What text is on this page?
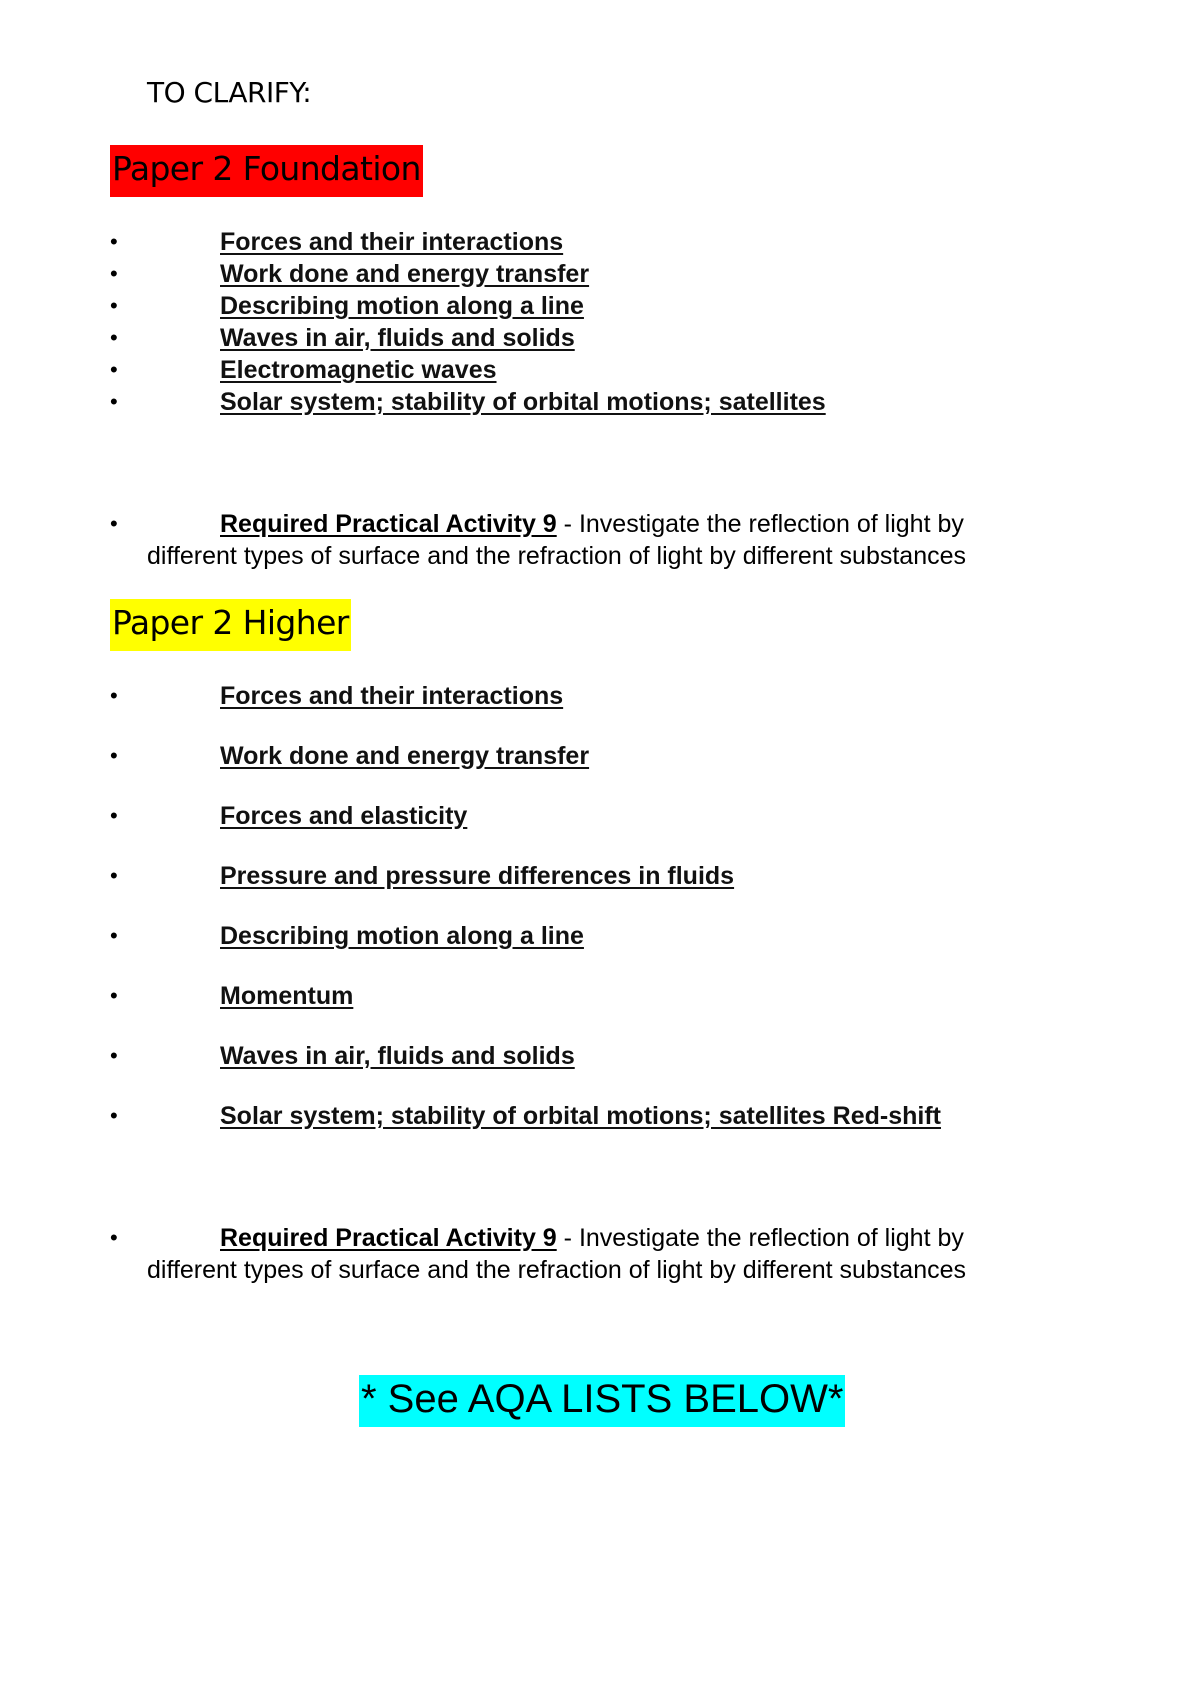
TO CLARIFY:
Paper 2 Foundation
•	Forces and their interactions
•	Work done and energy transfer
•	Describing motion along a line
•	Waves in air, fluids and solids
•	Electromagnetic waves
•	Solar system; stability of orbital motions; satellites
•	Required Practical Activity 9 - Investigate the reflection of light by
different types of surface and the refraction of light by different substances
Paper 2 Higher
•	Forces and their interactions
•	Work done and energy transfer
•	Forces and elasticity
•	Pressure and pressure differences in fluids
•	Describing motion along a line
•	Momentum
•	Waves in air, fluids and solids
•	Solar system; stability of orbital motions; satellites Red-shift
•	Required Practical Activity 9 - Investigate the reflection of light by
different types of surface and the refraction of light by different substances
* See AQA LISTS BELOW*
